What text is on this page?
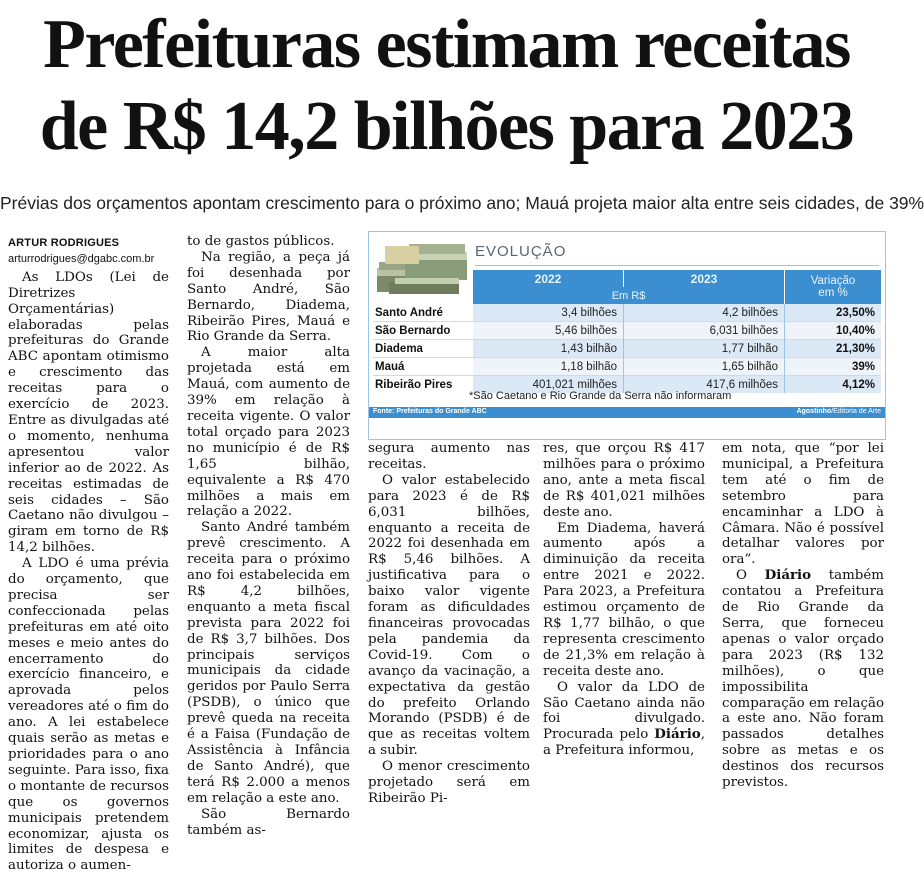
Prefeituras estimam receitas
de R$ 14,2 bilhões para 2023
Prévias dos orçamentos apontam crescimento para o próximo ano; Mauá projeta maior alta entre seis cidades, de 39%
ARTUR RODRIGUES
arturrodrigues@dgabc.com.br

As LDOs (Lei de Diretrizes Orçamentárias) elaboradas pelas prefeituras do Grande ABC apontam otimismo e crescimento das receitas para o exercício de 2023. Entre as divulgadas até o momento, nenhuma apresentou valor inferior ao de 2022. As receitas estimadas de seis cidades – São Caetano não divulgou – giram em torno de R$ 14,2 bilhões.

A LDO é uma prévia do orçamento, que precisa ser confeccionada pelas prefeituras em até oito meses e meio antes do encerramento do exercício financeiro, e aprovada pelos vereadores até o fim do ano. A lei estabelece quais serão as metas e prioridades para o ano seguinte. Para isso, fixa o montante de recursos que os governos municipais pretendem economizar, ajusta os limites de despesa e autoriza o aumen-

to de gastos públicos.

Na região, a peça já foi desenhada por Santo André, São Bernardo, Diadema, Ribeirão Pires, Mauá e Rio Grande da Serra.

A maior alta projetada está em Mauá, com aumento de 39% em relação à receita vigente. O valor total orçado para 2023 no município é de R$ 1,65 bilhão, equivalente a R$ 470 milhões a mais em relação a 2022.

Santo André também prevê crescimento. A receita para o próximo ano foi estabelecida em R$ 4,2 bilhões, enquanto a meta fiscal prevista para 2022 foi de R$ 3,7 bilhões. Dos principais serviços municipais da cidade geridos por Paulo Serra (PSDB), o único que prevê queda na receita é a Faisa (Fundação de Assistência à Infância de Santo André), que terá R$ 2.000 a menos em relação a este ano.

São Bernardo também as-

EVOLUÇÃO
	2022	2023	Variação
em %

	Em R$		
Santo André	3,4 bilhões	4,2 bilhões	23,50%
São Bernardo	5,46 bilhões	6,031 bilhões	10,40%
Diadema	1,43 bilhão	1,77 bilhão	21,30%
Mauá	1,18 bilhão	1,65 bilhão	39%
Ribeirão Pires	401,021 milhões	417,6 milhões	4,12%
*São Caetano e Rio Grande da Serra não informaram
Fonte: Prefeituras do Grande ABC	Agostinho/Editoria de Arte

segura aumento nas receitas.

O valor estabelecido para 2023 é de R$ 6,031 bilhões, enquanto a receita de 2022 foi desenhada em R$ 5,46 bilhões. A justificativa para o baixo valor vigente foram as dificuldades financeiras provocadas pela pandemia da Covid-19. Com o avanço da vacinação, a expectativa da gestão do prefeito Orlando Morando (PSDB) é de que as receitas voltem a subir.

O menor crescimento projetado será em Ribeirão Pi-

res, que orçou R$ 417 milhões para o próximo ano, ante a meta fiscal de R$ 401,021 milhões deste ano.

Em Diadema, haverá aumento após a diminuição da receita entre 2021 e 2022. Para 2023, a Prefeitura estimou orçamento de R$ 1,77 bilhão, o que representa crescimento de 21,3% em relação à receita deste ano.

O valor da LDO de São Caetano ainda não foi divulgado. Procurada pelo Diário, a Prefeitura informou,

em nota, que “por lei municipal, a Prefeitura tem até o fim de setembro para encaminhar a LDO à Câmara. Não é possível detalhar valores por ora”.

O Diário também contatou a Prefeitura de Rio Grande da Serra, que forneceu apenas o valor orçado para 2023 (R$ 132 milhões), o que impossibilita comparação em relação a este ano. Não foram passados detalhes sobre as metas e os destinos dos recursos previstos.
